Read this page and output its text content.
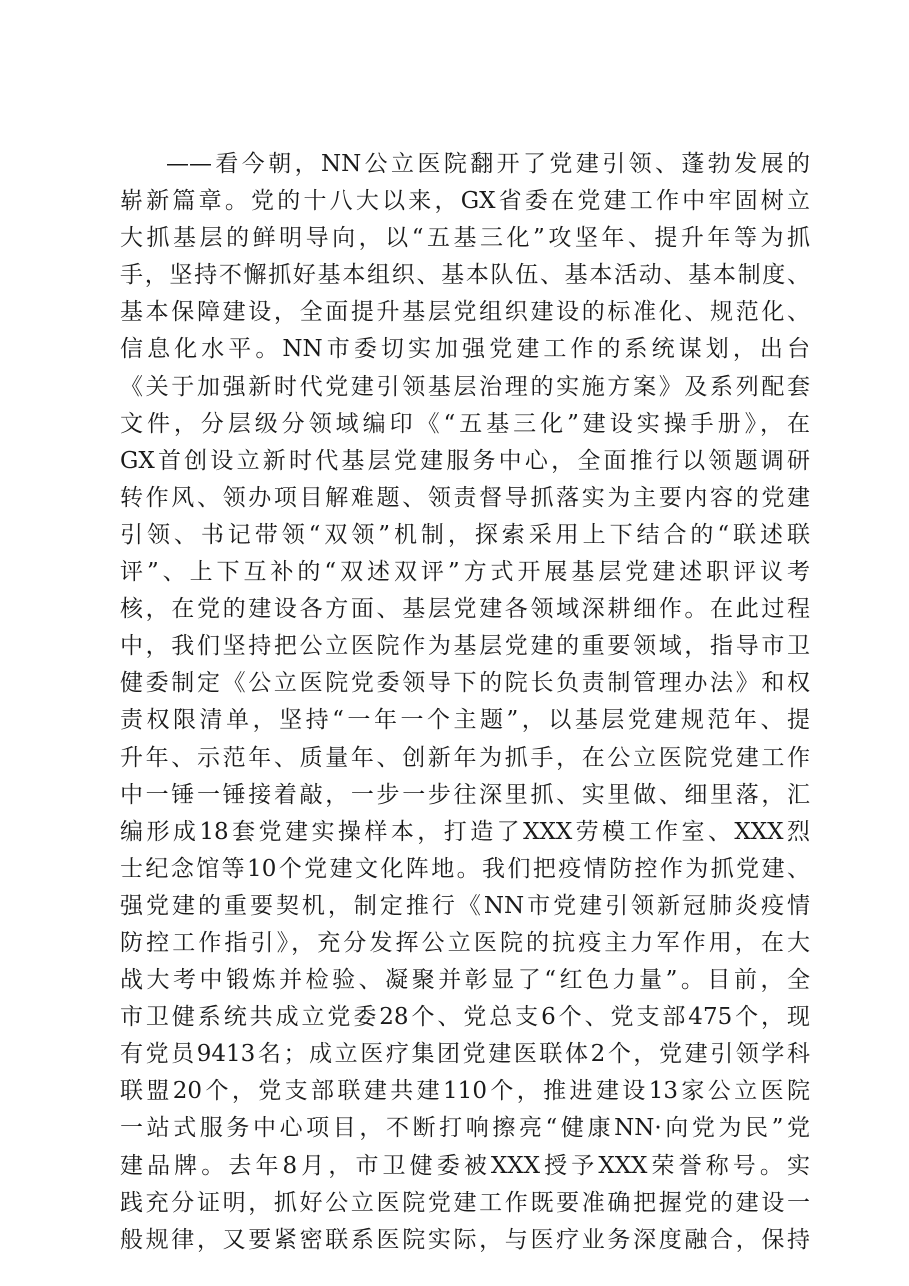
——看今朝，NN公立医院翻开了党建引领、蓬勃发展的
崭新篇章。党的十八大以来，GX省委在党建工作中牢固树立
大抓基层的鲜明导向，以“五基三化”攻坚年、提升年等为抓
手，坚持不懈抓好基本组织、基本队伍、基本活动、基本制度、
基本保障建设，全面提升基层党组织建设的标准化、规范化、
信息化水平。NN市委切实加强党建工作的系统谋划，出台
《关于加强新时代党建引领基层治理的实施方案》及系列配套
文件，分层级分领域编印《“五基三化”建设实操手册》，在
GX首创设立新时代基层党建服务中心，全面推行以领题调研
转作风、领办项目解难题、领责督导抓落实为主要内容的党建
引领、书记带领“双领”机制，探索采用上下结合的“联述联
评”、上下互补的“双述双评”方式开展基层党建述职评议考
核，在党的建设各方面、基层党建各领域深耕细作。在此过程
中，我们坚持把公立医院作为基层党建的重要领域，指导市卫
健委制定《公立医院党委领导下的院长负责制管理办法》和权
责权限清单，坚持“一年一个主题”，以基层党建规范年、提
升年、示范年、质量年、创新年为抓手，在公立医院党建工作
中一锤一锤接着敲，一步一步往深里抓、实里做、细里落，汇
编形成18套党建实操样本，打造了XXX劳模工作室、XXX烈
士纪念馆等10个党建文化阵地。我们把疫情防控作为抓党建、
强党建的重要契机，制定推行《NN市党建引领新冠肺炎疫情
防控工作指引》，充分发挥公立医院的抗疫主力军作用，在大
战大考中锻炼并检验、凝聚并彰显了“红色力量”。目前，全
市卫健系统共成立党委28个、党总支6个、党支部475个，现
有党员9413名；成立医疗集团党建医联体2个，党建引领学科
联盟20个，党支部联建共建110个，推进建设13家公立医院
一站式服务中心项目，不断打响擦亮“健康NN·向党为民”党
建品牌。去年8月，市卫健委被XXX授予XXX荣誉称号。实
践充分证明，抓好公立医院党建工作既要准确把握党的建设一
般规律，又要紧密联系医院实际，与医疗业务深度融合，保持
